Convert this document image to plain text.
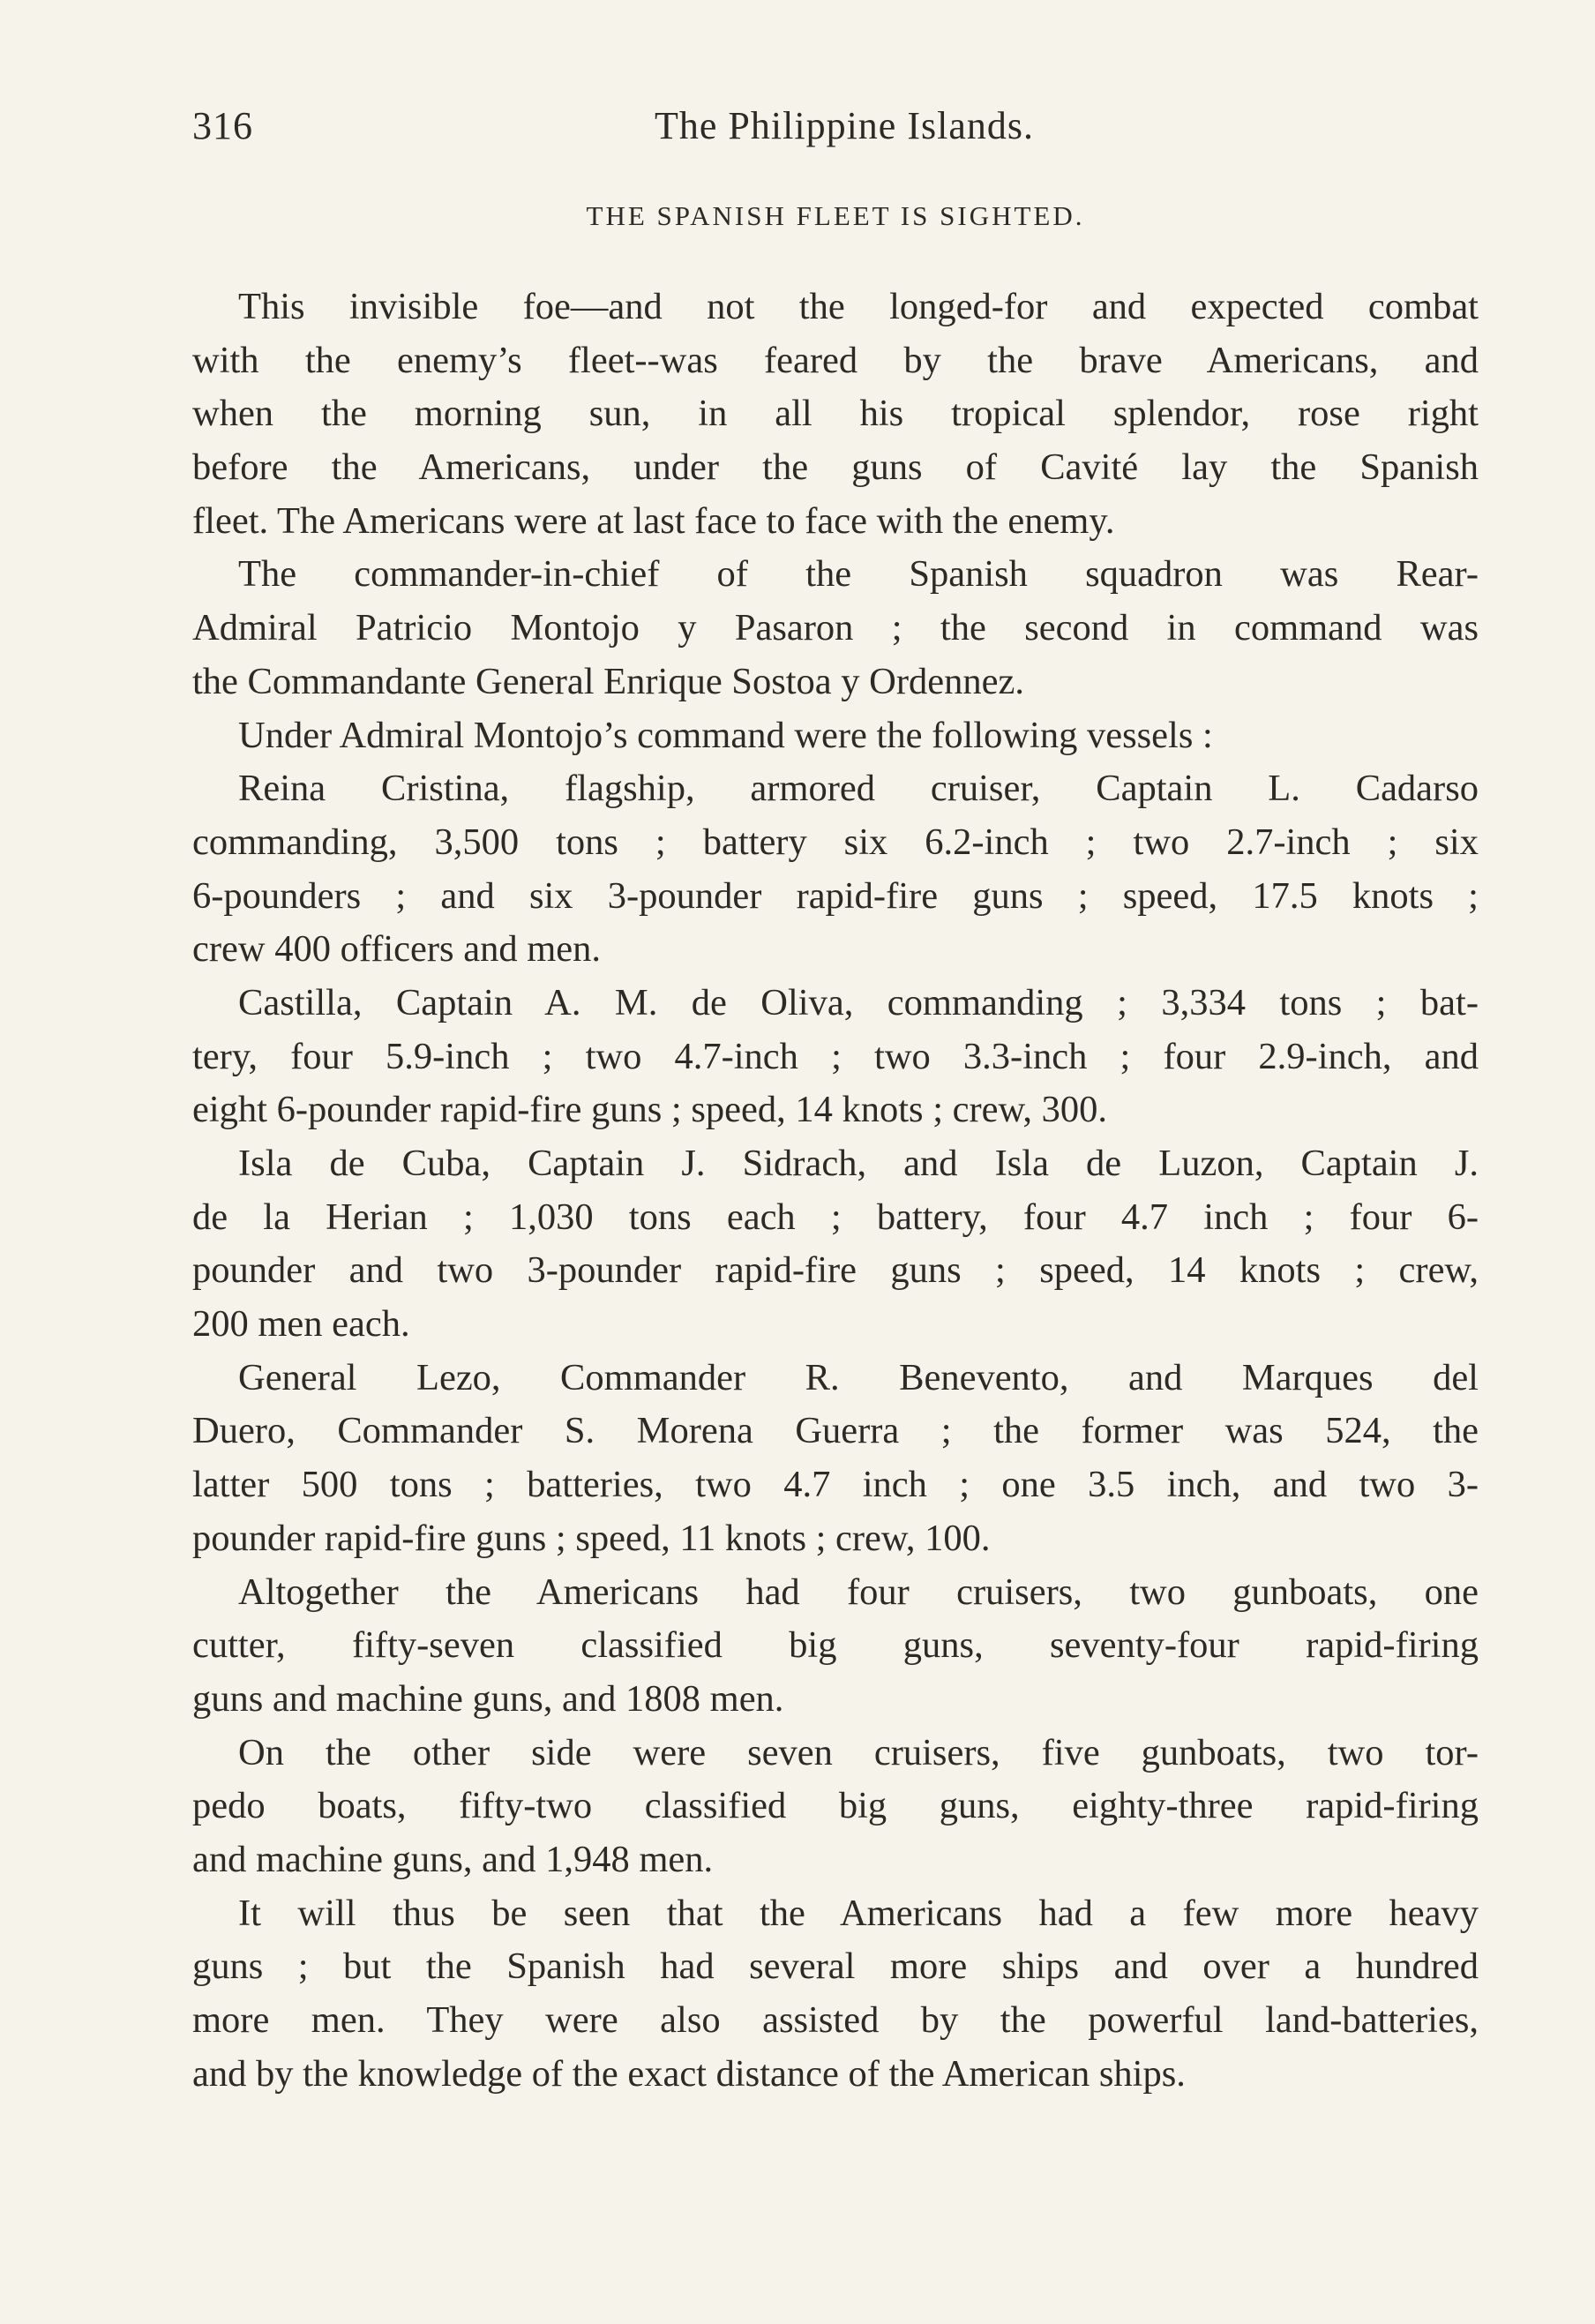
316	The Philippine Islands.
THE SPANISH FLEET IS SIGHTED.
This invisible foe—and not the longed-for and expected combat
with the enemy’s fleet--was feared by the brave Americans, and
when the morning sun, in all his tropical splendor, rose right
before the Americans, under the guns of Cavité lay the Spanish
fleet. The Americans were at last face to face with the enemy.
The commander-in-chief of the Spanish squadron was Rear-
Admiral Patricio Montojo y Pasaron ; the second in command was
the Commandante General Enrique Sostoa y Ordennez.
Under Admiral Montojo’s command were the following vessels :
Reina Cristina, flagship, armored cruiser, Captain L. Cadarso
commanding, 3,500 tons ; battery six 6.2-inch ; two 2.7-inch ; six
6-pounders ; and six 3-pounder rapid-fire guns ; speed, 17.5 knots ;
crew 400 officers and men.
Castilla, Captain A. M. de Oliva, commanding ; 3,334 tons ; bat-
tery, four 5.9-inch ; two 4.7-inch ; two 3.3-inch ; four 2.9-inch, and
eight 6-pounder rapid-fire guns ; speed, 14 knots ; crew, 300.
Isla de Cuba, Captain J. Sidrach, and Isla de Luzon, Captain J.
de la Herian ; 1,030 tons each ; battery, four 4.7 inch ; four 6-
pounder and two 3-pounder rapid-fire guns ; speed, 14 knots ; crew,
200 men each.
General Lezo, Commander R. Benevento, and Marques del
Duero, Commander S. Morena Guerra ; the former was 524, the
latter 500 tons ; batteries, two 4.7 inch ; one 3.5 inch, and two 3-
pounder rapid-fire guns ; speed, 11 knots ; crew, 100.
Altogether the Americans had four cruisers, two gunboats, one
cutter, fifty-seven classified big guns, seventy-four rapid-firing
guns and machine guns, and 1808 men.
On the other side were seven cruisers, five gunboats, two tor-
pedo boats, fifty-two classified big guns, eighty-three rapid-firing
and machine guns, and 1,948 men.
It will thus be seen that the Americans had a few more heavy
guns ; but the Spanish had several more ships and over a hundred
more men. They were also assisted by the powerful land-batteries,
and by the knowledge of the exact distance of the American ships.
